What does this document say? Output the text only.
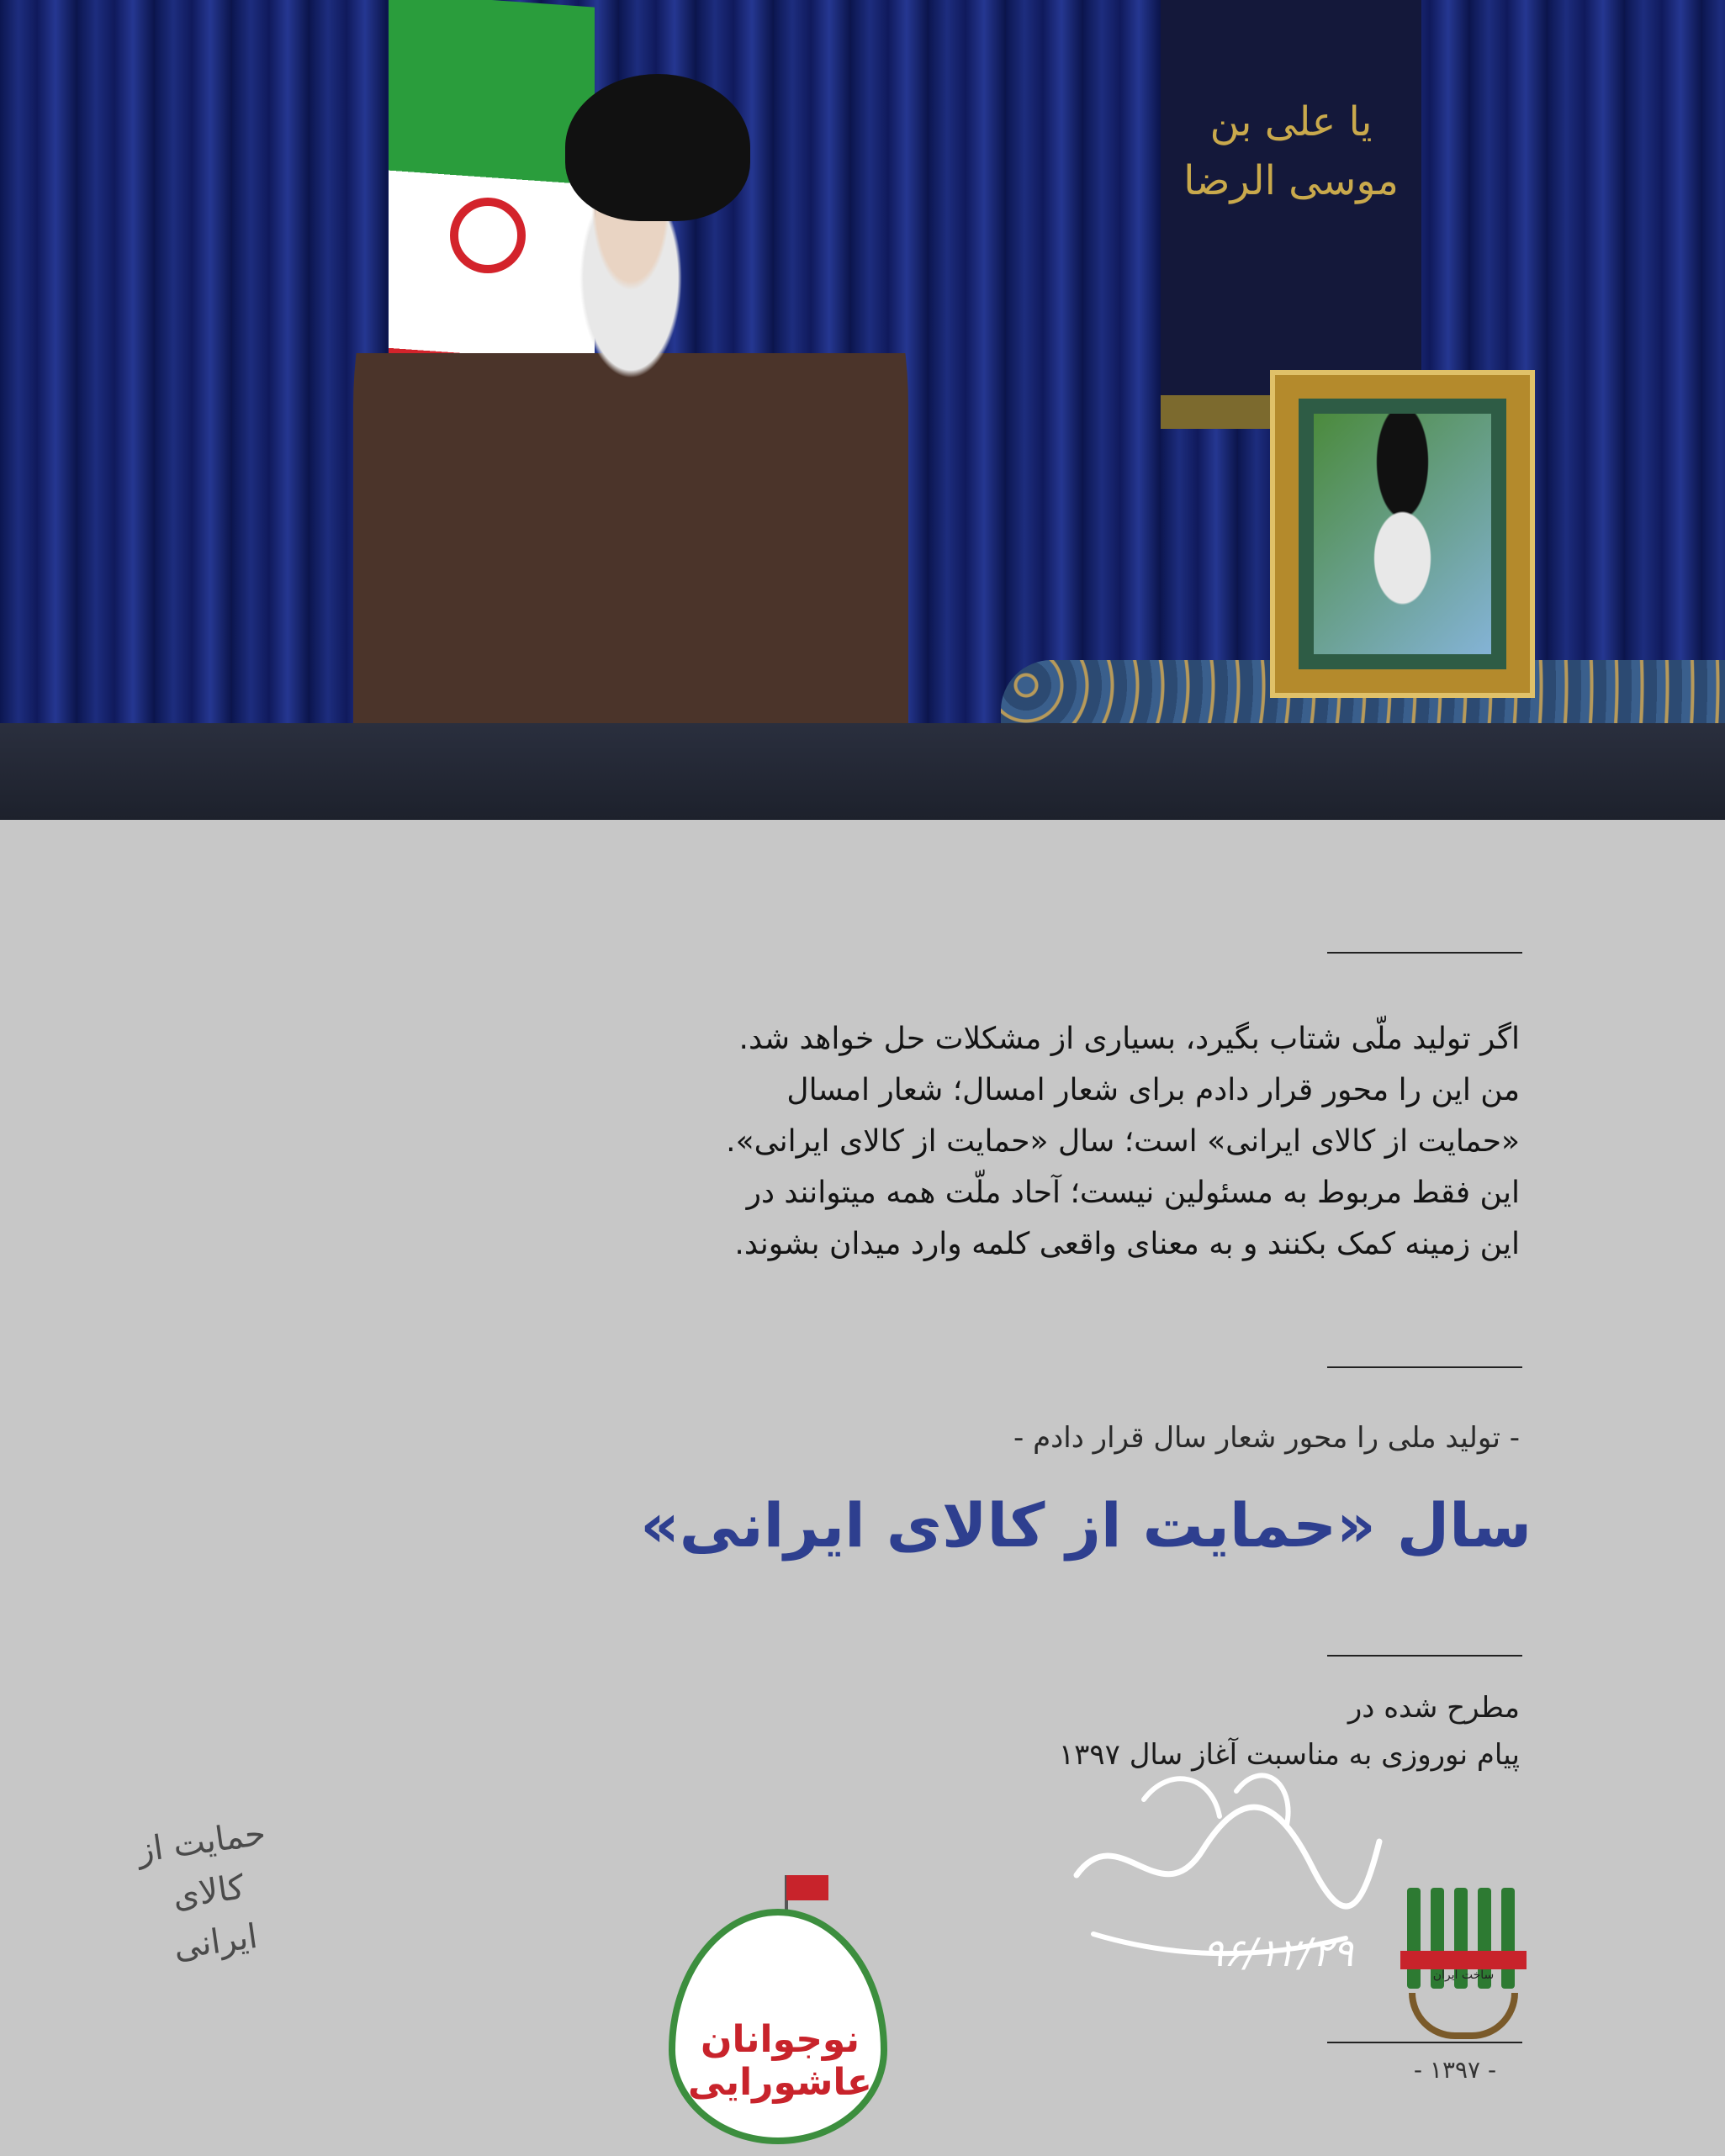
یا علی بن موسی الرضا
اگر تولید ملّی شتاب بگیرد، بسیاری از مشکلات حل خواهد شد.
من این را محور قرار دادم برای شعار امسال؛ شعار امسال
«حمایت از کالای ایرانی» است؛ سال «حمایت از کالای ایرانی».
این فقط مربوط به مسئولین نیست؛ آحاد ملّت همه میتوانند در
این زمینه کمک بکنند و به معنای واقعی کلمه وارد میدان بشوند.
- تولید ملی را محور شعار سال قرار دادم -
سال «حمایت از کالای ایرانی»
مطرح شده در
پیام نوروزی به مناسبت آغاز سال ۱۳۹۷
حمایت از کالای ایرانی
نوجوانان عاشورایی
۹۶/۱۲/۲۹	ساخت ایران
- ۱۳۹۷ -
